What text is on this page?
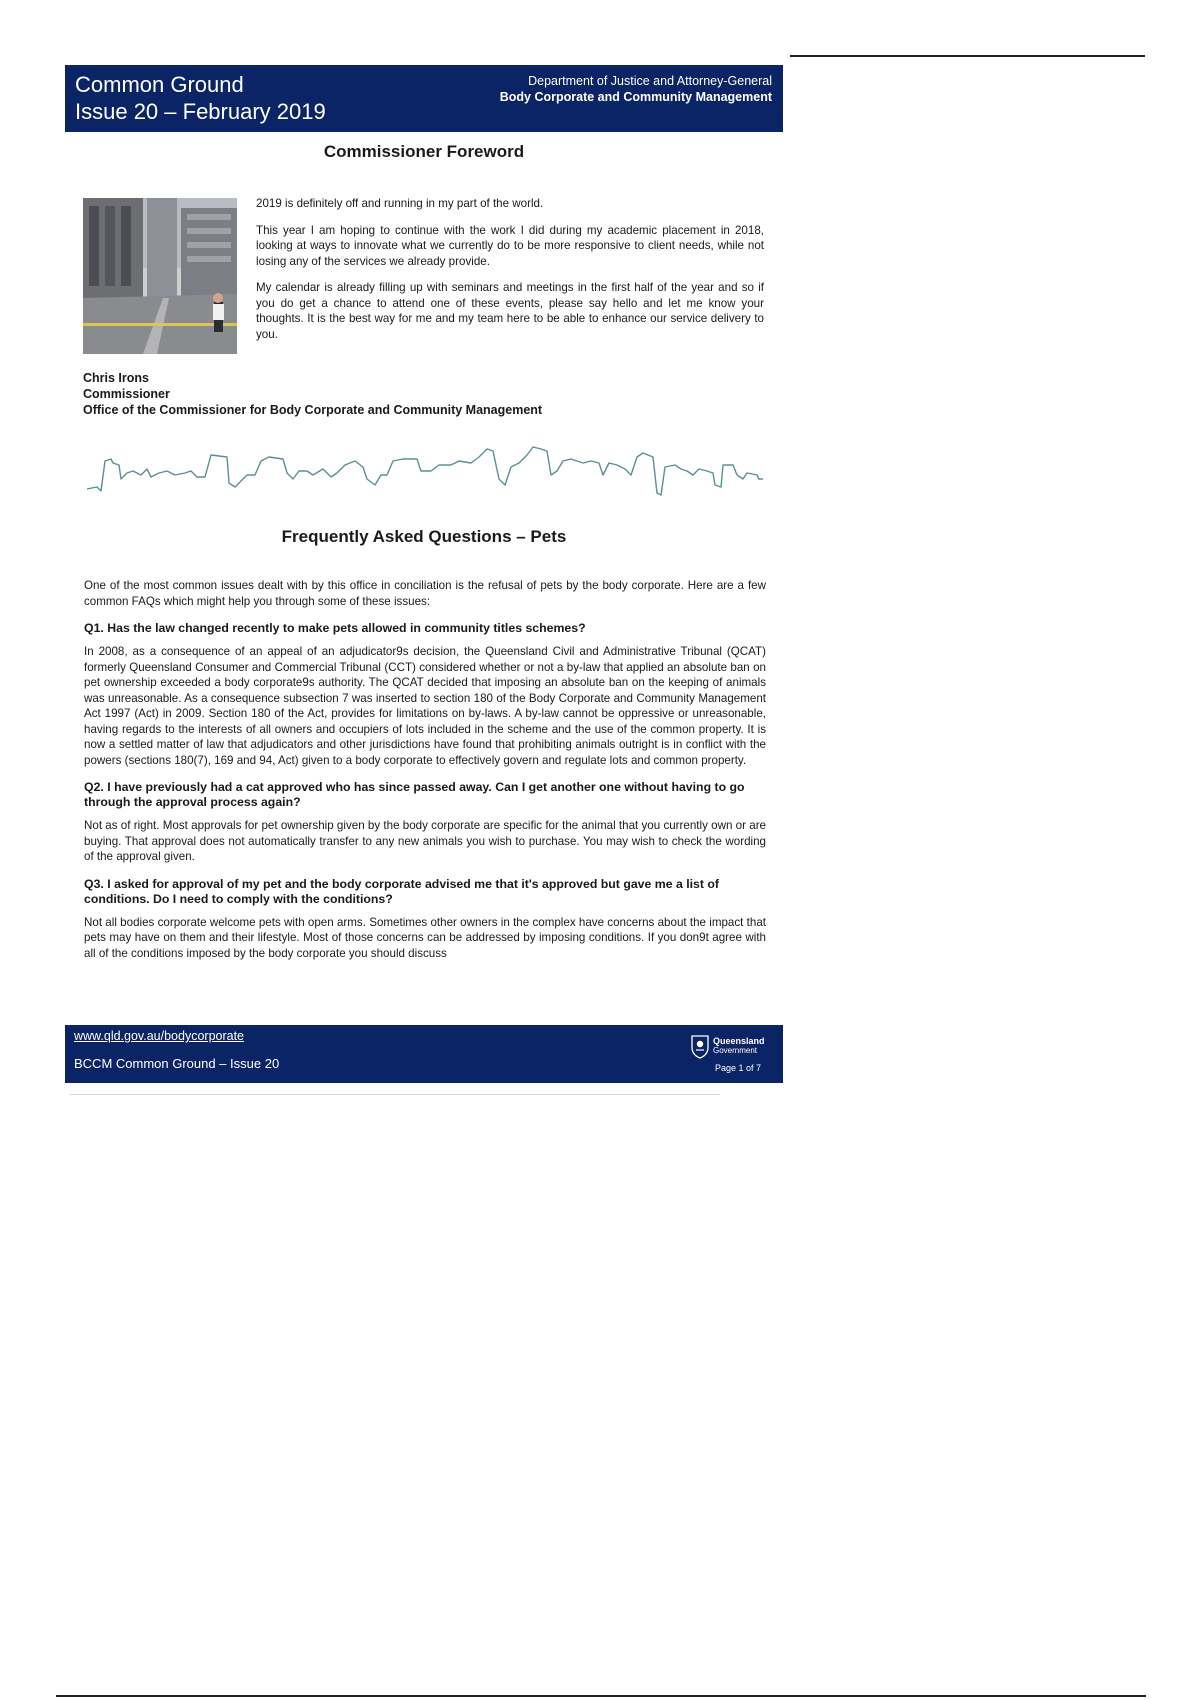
Common Ground
Issue 20 – February 2019
Department of Justice and Attorney-General
Body Corporate and Community Management
Commissioner Foreword

2019 is definitely off and running in my part of the world.

This year I am hoping to continue with the work I did during my academic placement in 2018, looking at ways to innovate what we currently do to be more responsive to client needs, while not losing any of the services we already provide.

My calendar is already filling up with seminars and meetings in the first half of the year and so if you do get a chance to attend one of these events, please say hello and let me know your thoughts. It is the best way for me and my team here to be able to enhance our service delivery to you.

Chris Irons
Commissioner
Office of the Commissioner for Body Corporate and Community Management
Frequently Asked Questions – Pets

One of the most common issues dealt with by this office in conciliation is the refusal of pets by the body corporate. Here are a few common FAQs which might help you through some of these issues:

Q1. Has the law changed recently to make pets allowed in community titles schemes?

In 2008, as a consequence of an appeal of an adjudicator9s decision, the Queensland Civil and Administrative Tribunal (QCAT) formerly Queensland Consumer and Commercial Tribunal (CCT) considered whether or not a by-law that applied an absolute ban on pet ownership exceeded a body corporate9s authority. The QCAT decided that imposing an absolute ban on the keeping of animals was unreasonable. As a consequence subsection 7 was inserted to section 180 of the Body Corporate and Community Management Act 1997 (Act) in 2009. Section 180 of the Act, provides for limitations on by-laws. A by-law cannot be oppressive or unreasonable, having regards to the interests of all owners and occupiers of lots included in the scheme and the use of the common property. It is now a settled matter of law that adjudicators and other jurisdictions have found that prohibiting animals outright is in conflict with the powers (sections 180(7), 169 and 94, Act) given to a body corporate to effectively govern and regulate lots and common property.

Q2. I have previously had a cat approved who has since passed away. Can I get another one without having to go through the approval process again?

Not as of right. Most approvals for pet ownership given by the body corporate are specific for the animal that you currently own or are buying. That approval does not automatically transfer to any new animals you wish to purchase. You may wish to check the wording of the approval given.

Q3. I asked for approval of my pet and the body corporate advised me that it's approved but gave me a list of conditions. Do I need to comply with the conditions?

Not all bodies corporate welcome pets with open arms. Sometimes other owners in the complex have concerns about the impact that pets may have on them and their lifestyle. Most of those concerns can be addressed by imposing conditions. If you don9t agree with all of the conditions imposed by the body corporate you should discuss

www.qld.gov.au/bodycorporate
BCCM Common Ground – Issue 20
Queensland
Government
Page 1 of 7
